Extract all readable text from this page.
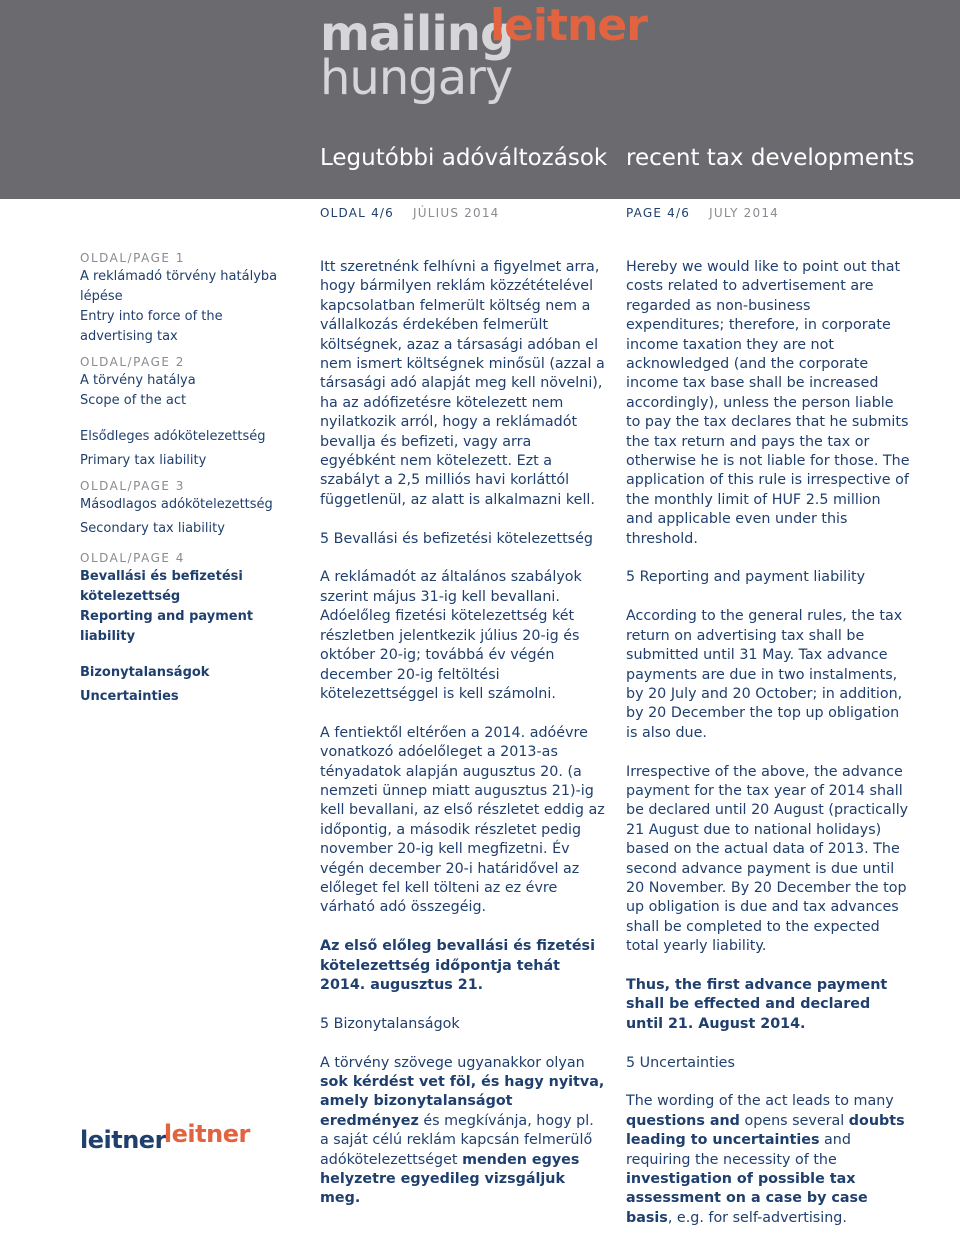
mailing
leitner
hungary
Legutóbbi adóváltozások recent tax developments
OLDAL 4/6 JÚLIUS 2014	PAGE 4/6 JULY 2014

OLDAL/PAGE 1

A reklámadó törvény hatályba lépése

Entry into force of the advertising tax

OLDAL/PAGE 2

A törvény hatálya

Scope of the act

Elsődleges adókötelezettség

Primary tax liability

OLDAL/PAGE 3

Másodlagos adókötelezettség

Secondary tax liability

OLDAL/PAGE 4

Bevallási és befizetési kötelezettség

Reporting and payment liability

Bizonytalanságok

Uncertainties

Itt szeretnénk felhívni a figyelmet arra, hogy bármilyen reklám közzétételével kapcsolatban felmerült költség nem a vállalkozás érdekében felmerült költségnek, azaz a társasági adóban el nem ismert költségnek minősül (azzal a társasági adó alapját meg kell növelni), ha az adófizetésre kötelezett nem nyilatkozik arról, hogy a reklámadót bevallja és befizeti, vagy arra egyébként nem kötelezett. Ezt a szabályt a 2,5 milliós havi korláttól függetlenül, az alatt is alkalmazni kell.

5 Bevallási és befizetési kötelezettség

A reklámadót az általános szabályok szerint május 31-ig kell bevallani. Adóelőleg fizetési kötelezettség két részletben jelentkezik július 20-ig és október 20-ig; továbbá év végén december 20-ig feltöltési kötelezettséggel is kell számolni.

A fentiektől eltérően a 2014. adóévre vonatkozó adóelőleget a 2013-as tényadatok alapján augusztus 20. (a nemzeti ünnep miatt augusztus 21)-ig kell bevallani, az első részletet eddig az időpontig, a második részletet pedig november 20-ig kell megfizetni. Év végén december 20-i határidővel az előleget fel kell tölteni az ez évre várható adó összegéig.

Az első előleg bevallási és fizetési kötelezettség időpontja tehát 2014. augusztus 21.

5 Bizonytalanságok

A törvény szövege ugyanakkor olyan sok kérdést vet föl, és hagy nyitva, amely bizonytalanságot eredményez és megkívánja, hogy pl. a saját célú reklám kapcsán felmerülő adókötelezettséget menden egyes helyzetre egyedileg vizsgáljuk meg.

Hereby we would like to point out that costs related to advertisement are regarded as non-business expenditures; therefore, in corporate income taxation they are not acknowledged (and the corporate income tax base shall be increased accordingly), unless the person liable to pay the tax declares that he submits the tax return and pays the tax or otherwise he is not liable for those. The application of this rule is irrespective of the monthly limit of HUF 2.5 million and applicable even under this threshold.

5 Reporting and payment liability

According to the general rules, the tax return on advertising tax shall be submitted until 31 May. Tax advance payments are due in two instalments, by 20 July and 20 October; in addition, by 20 December the top up obligation is also due.

Irrespective of the above, the advance payment for the tax year of 2014 shall be declared until 20 August (practically 21 August due to national holidays) based on the actual data of 2013. The second advance payment is due until 20 November. By 20 December the top up obligation is due and tax advances shall be completed to the expected total yearly liability.

Thus, the first advance payment shall be effected and declared until 21. August 2014.

5 Uncertainties

The wording of the act leads to many questions and opens several doubts leading to uncertainties and requiring the necessity of the investigation of possible tax assessment on a case by case basis, e.g. for self-advertising.

leitnerleitner
